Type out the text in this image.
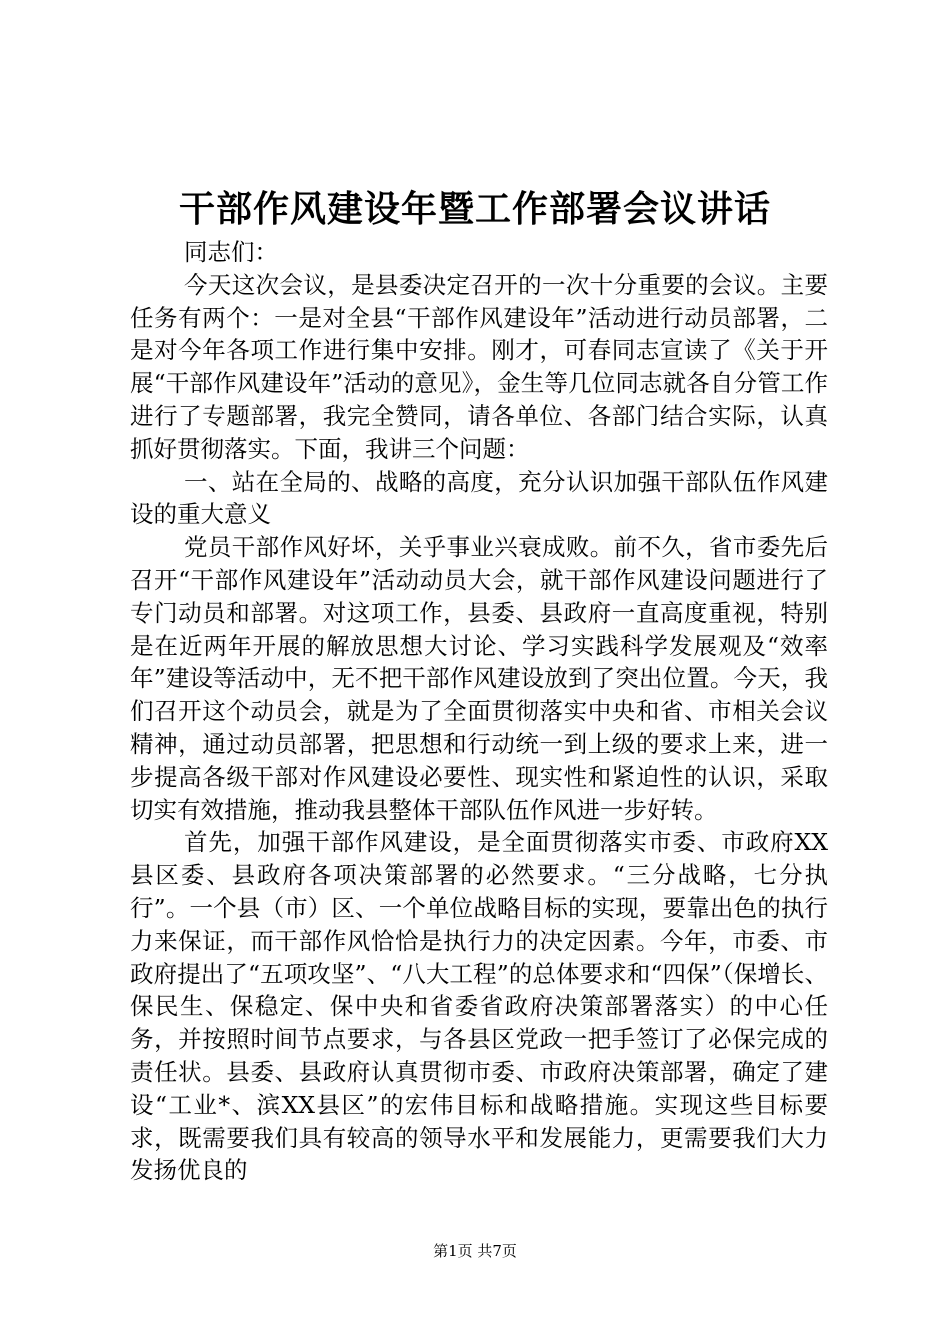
干部作风建设年暨工作部署会议讲话

同志们：

今天这次会议，是县委决定召开的一次十分重要的会议。主要任务有两个：一是对全县“干部作风建设年”活动进行动员部署，二是对今年各项工作进行集中安排。刚才，可春同志宣读了《关于开展“干部作风建设年”活动的意见》，金生等几位同志就各自分管工作进行了专题部署，我完全赞同，请各单位、各部门结合实际，认真抓好贯彻落实。下面，我讲三个问题：

一、站在全局的、战略的高度，充分认识加强干部队伍作风建设的重大意义

党员干部作风好坏，关乎事业兴衰成败。前不久，省市委先后召开“干部作风建设年”活动动员大会，就干部作风建设问题进行了专门动员和部署。对这项工作，县委、县政府一直高度重视，特别是在近两年开展的解放思想大讨论、学习实践科学发展观及“效率年”建设等活动中，无不把干部作风建设放到了突出位置。今天，我们召开这个动员会，就是为了全面贯彻落实中央和省、市相关会议精神，通过动员部署，把思想和行动统一到上级的要求上来，进一步提高各级干部对作风建设必要性、现实性和紧迫性的认识，采取切实有效措施，推动我县整体干部队伍作风进一步好转。

首先，加强干部作风建设，是全面贯彻落实市委、市政府XX县区委、县政府各项决策部署的必然要求。“三分战略，七分执行”。一个县（市）区、一个单位战略目标的实现，要靠出色的执行力来保证，而干部作风恰恰是执行力的决定因素。今年，市委、市政府提出了“五项攻坚”、“八大工程”的总体要求和“四保”（保增长、保民生、保稳定、保中央和省委省政府决策部署落实）的中心任务，并按照时间节点要求，与各县区党政一把手签订了必保完成的责任状。县委、县政府认真贯彻市委、市政府决策部署，确定了建设“工业*、滨XX县区”的宏伟目标和战略措施。实现这些目标要求，既需要我们具有较高的领导水平和发展能力，更需要我们大力发扬优良的

第1页 共7页
